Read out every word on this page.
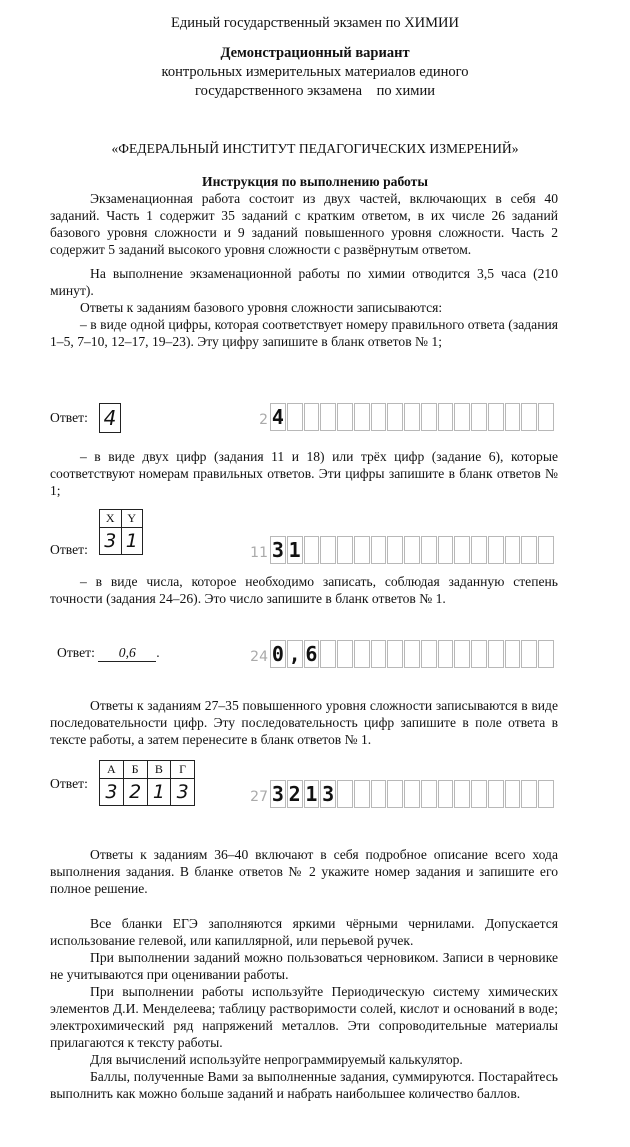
Единый государственный экзамен по ХИМИИ
Демонстрационный вариант
контрольных измерительных материалов единого
государственного экзамена    по химии
«ФЕДЕРАЛЬНЫЙ ИНСТИТУТ ПЕДАГОГИЧЕСКИХ ИЗМЕРЕНИЙ»
Инструкция по выполнению работы

Экзаменационная работа состоит из двух частей, включающих в себя 40 заданий. Часть 1 содержит 35 заданий с кратким ответом, в их числе 26 заданий базового уровня сложности и 9 заданий повышенного уровня сложности. Часть 2 содержит 5 заданий высокого уровня сложности с развёрнутым ответом.

На выполнение экзаменационной работы по химии отводится 3,5 часа (210 минут).

Ответы к заданиям базового уровня сложности записываются:

– в виде одной цифры, которая соответствует номеру правильного ответа (задания 1–5, 7–10, 12–17, 19–23). Эту цифру запишите в бланк ответов № 1;

Ответ: 4	2 4

– в виде двух цифр (задания 11 и 18) или трёх цифр (задание 6), которые соответствуют номерам правильных ответов. Эти цифры запишите в бланк ответов № 1;

X	Y
3	1
Ответ:	11 3 1

– в виде числа, которое необходимо записать, соблюдая заданную степень точности (задания 24–26). Это число запишите в бланк ответов № 1.

Ответ: 0,6 .	24 0 , 6

Ответы к заданиям 27–35 повышенного уровня сложности записываются в виде последовательности цифр. Эту последовательность цифр запишите в поле ответа в тексте работы, а затем перенесите в бланк ответов № 1.

А	Б	В	Г
3	2	1	3
Ответ:
27 3 2 1 3

Ответы к заданиям 36–40 включают в себя подробное описание всего хода выполнения задания. В бланке ответов № 2 укажите номер задания и запишите его полное решение.

Все бланки ЕГЭ заполняются яркими чёрными чернилами. Допускается использование гелевой, или капиллярной, или перьевой ручек.

При выполнении заданий можно пользоваться черновиком. Записи в черновике не учитываются при оценивании работы.

При выполнении работы используйте Периодическую систему химических элементов Д.И. Менделеева; таблицу растворимости солей, кислот и оснований в воде; электрохимический ряд напряжений металлов. Эти сопроводительные материалы прилагаются к тексту работы.

Для вычислений используйте непрограммируемый калькулятор.

Баллы, полученные Вами за выполненные задания, суммируются. Постарайтесь выполнить как можно больше заданий и набрать наибольшее количество баллов.
